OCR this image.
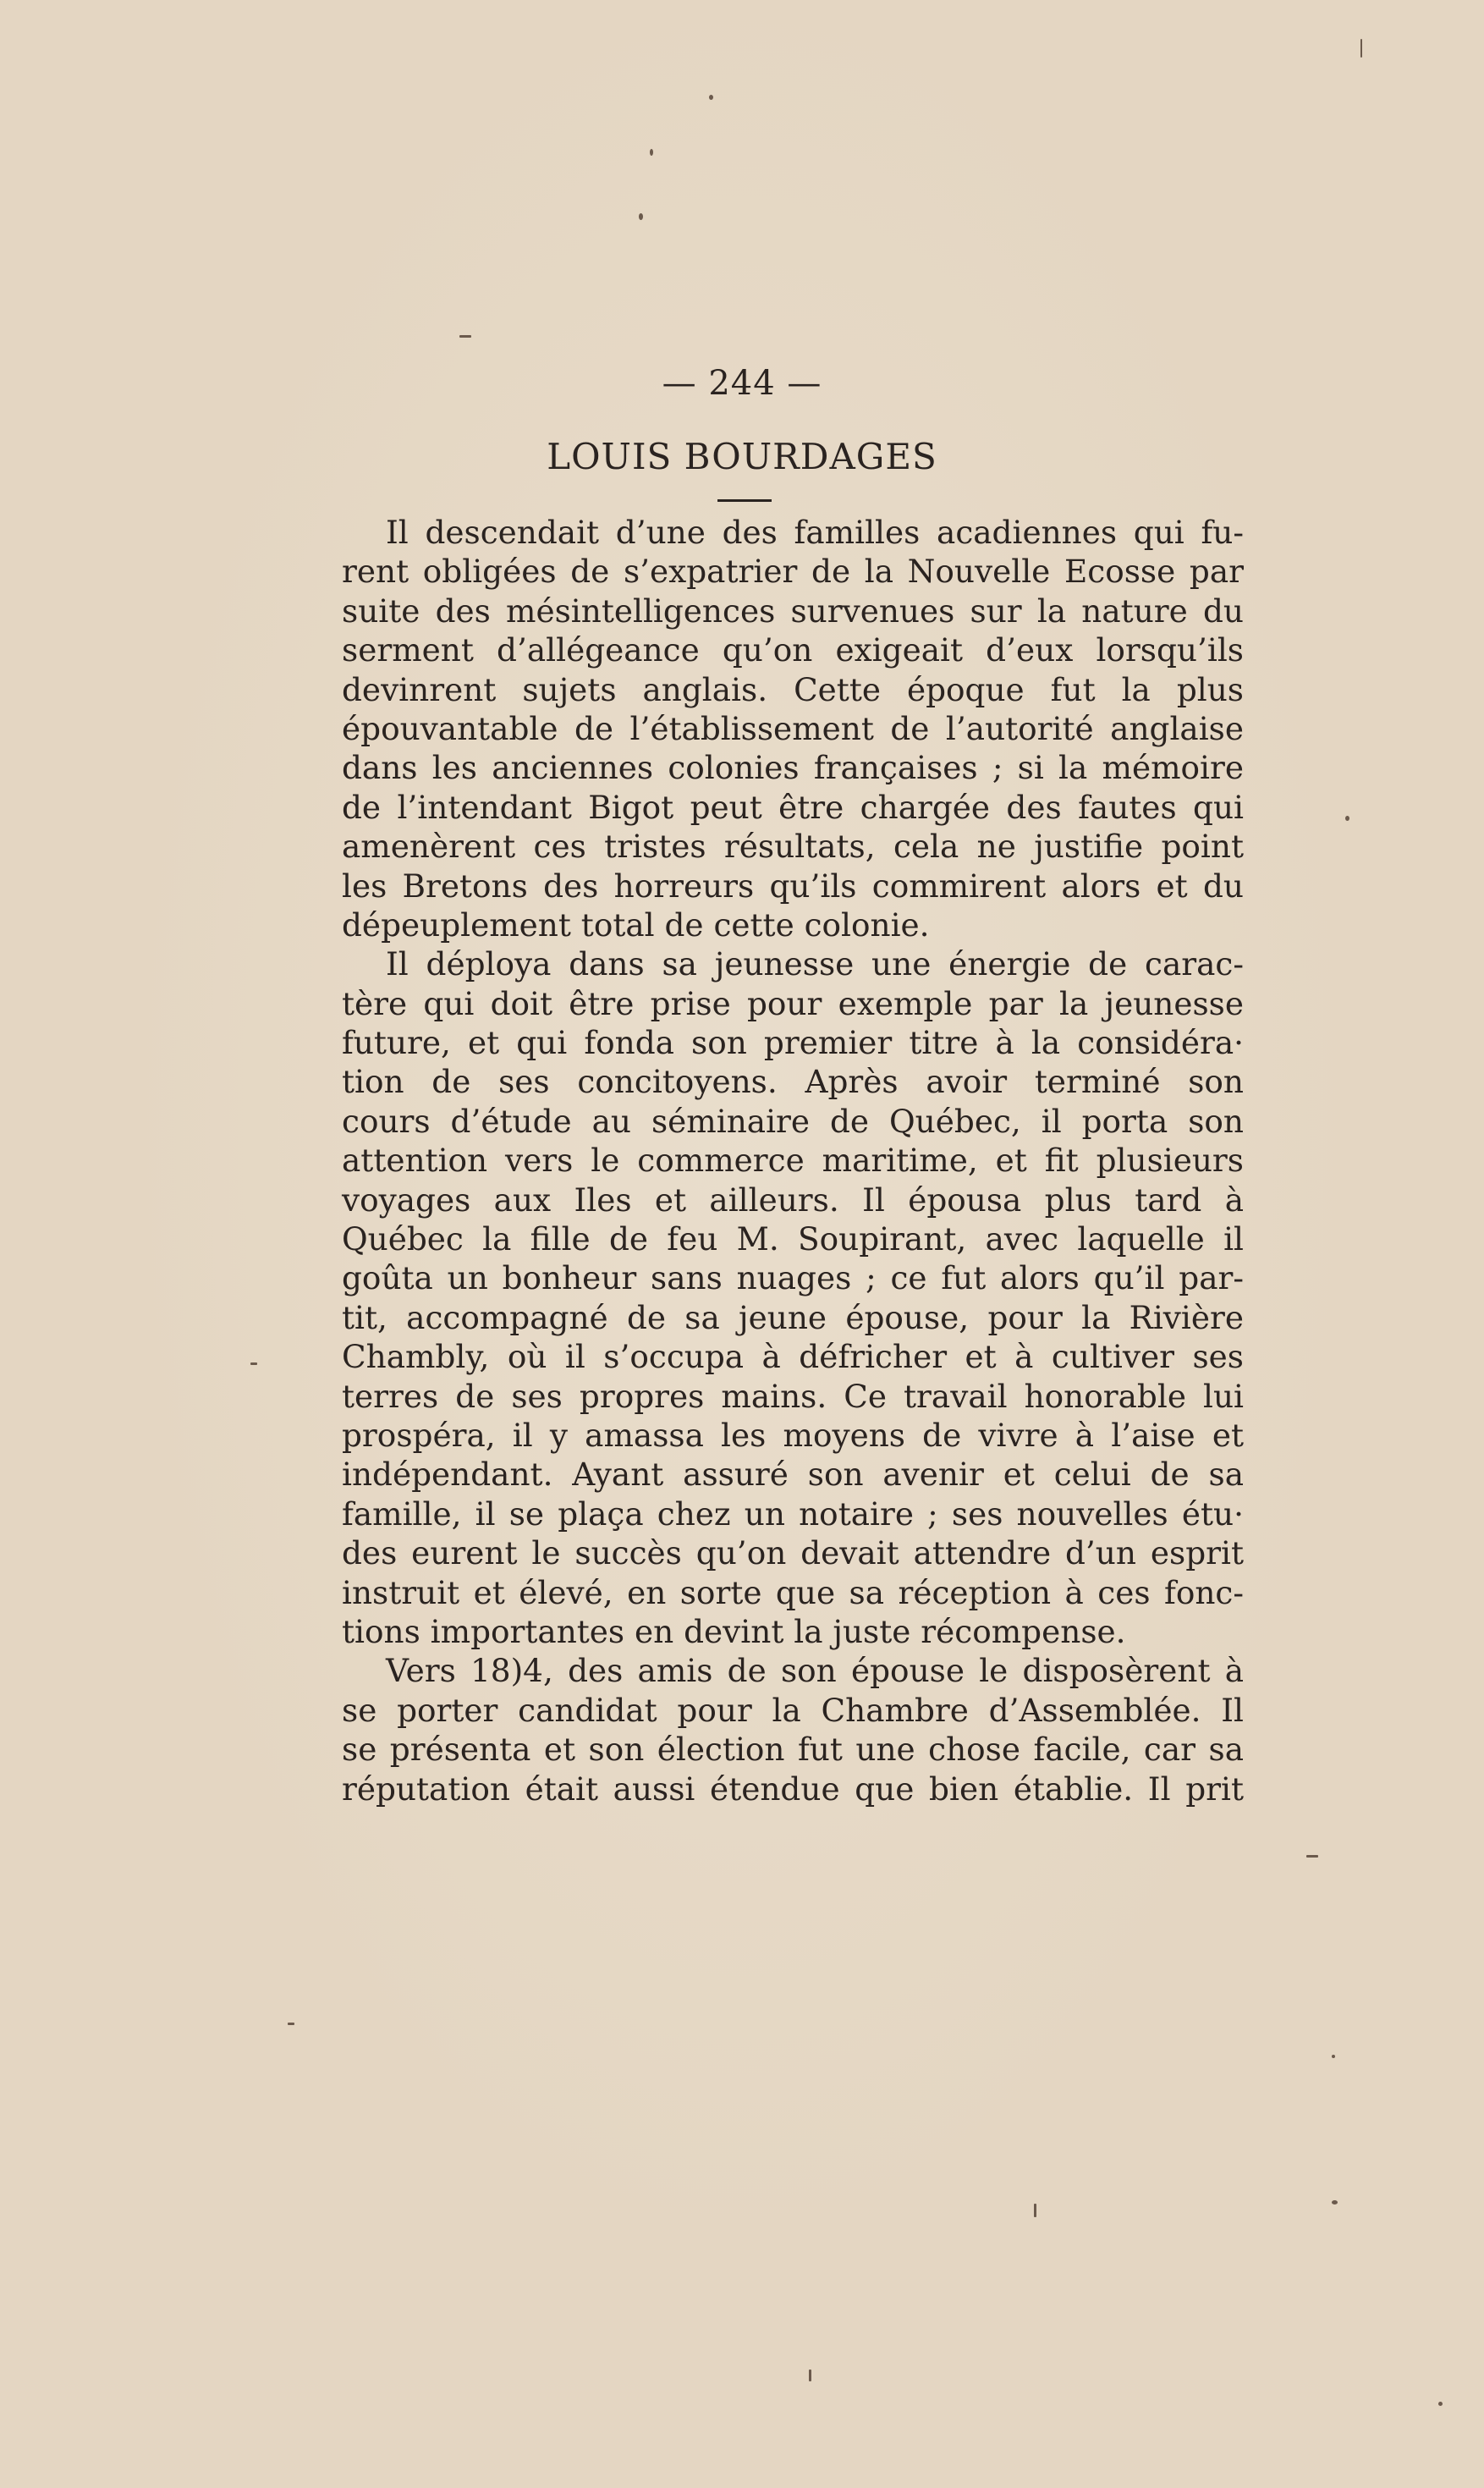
— 244 —
LOUIS BOURDAGES
Il descendait d’une des familles acadiennes qui fu-
rent obligées de s’expatrier de la Nouvelle Ecosse par
suite des mésintelligences survenues sur la nature du
serment d’allégeance qu’on exigeait d’eux lorsqu’ils
devinrent sujets anglais. Cette époque fut la plus
épouvantable de l’établissement de l’autorité anglaise
dans les anciennes colonies françaises ; si la mémoire
de l’intendant Bigot peut être chargée des fautes qui
amenèrent ces tristes résultats, cela ne justifie point
les Bretons des horreurs qu’ils commirent alors et du
dépeuplement total de cette colonie.
Il déploya dans sa jeunesse une énergie de carac-
tère qui doit être prise pour exemple par la jeunesse
future, et qui fonda son premier titre à la considéra·
tion de ses concitoyens. Après avoir terminé son
cours d’étude au séminaire de Québec, il porta son
attention vers le commerce maritime, et fit plusieurs
voyages aux Iles et ailleurs. Il épousa plus tard à
Québec la fille de feu M. Soupirant, avec laquelle il
goûta un bonheur sans nuages ; ce fut alors qu’il par-
tit, accompagné de sa jeune épouse, pour la Rivière
Chambly, où il s’occupa à défricher et à cultiver ses
terres de ses propres mains. Ce travail honorable lui
prospéra, il y amassa les moyens de vivre à l’aise et
indépendant. Ayant assuré son avenir et celui de sa
famille, il se plaça chez un notaire ; ses nouvelles étu·
des eurent le succès qu’on devait attendre d’un esprit
instruit et élevé, en sorte que sa réception à ces fonc-
tions importantes en devint la juste récompense.
Vers 18)4, des amis de son épouse le disposèrent à
se porter candidat pour la Chambre d’Assemblée. Il
se présenta et son élection fut une chose facile, car sa
réputation était aussi étendue que bien établie. Il prit
